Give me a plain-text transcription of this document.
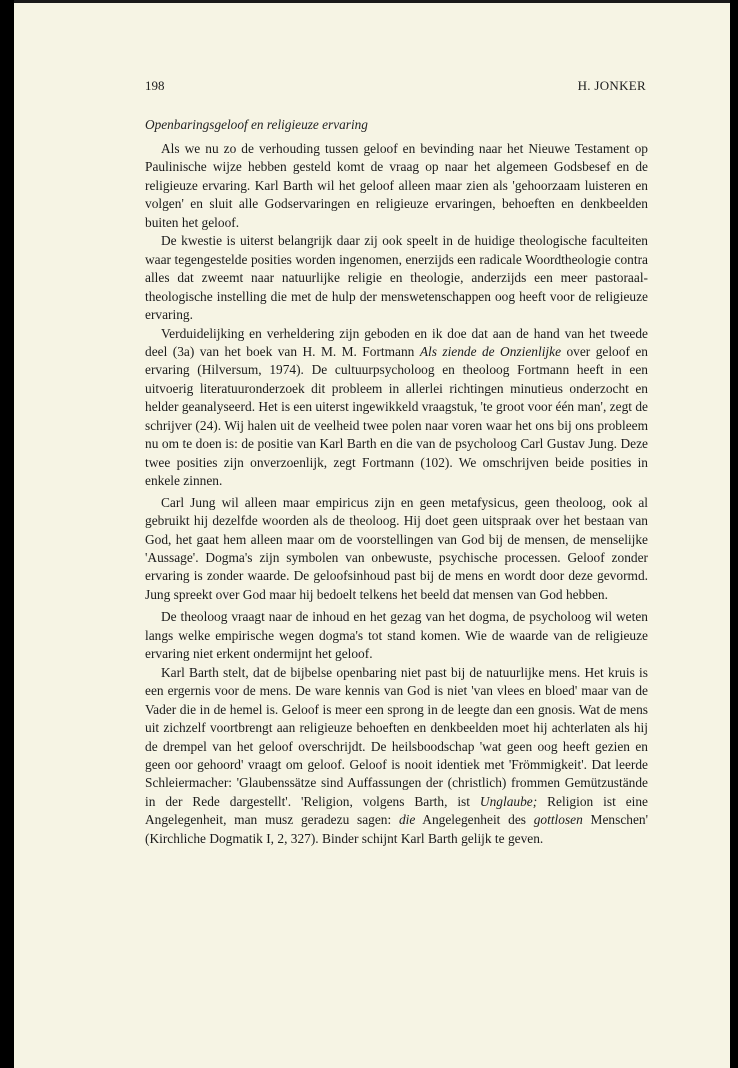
198	H. JONKER
Openbaringsgeloof en religieuze ervaring

Als we nu zo de verhouding tussen geloof en bevinding naar het Nieuwe Testament op Paulinische wijze hebben gesteld komt de vraag op naar het algemeen Godsbesef en de religieuze ervaring. Karl Barth wil het geloof alleen maar zien als 'gehoorzaam luisteren en volgen' en sluit alle Godservaringen en religieuze ervaringen, behoeften en denkbeelden buiten het geloof.

De kwestie is uiterst belangrijk daar zij ook speelt in de huidige theologische faculteiten waar tegengestelde posities worden ingenomen, enerzijds een radicale Woordtheologie contra alles dat zweemt naar natuurlijke religie en theologie, anderzijds een meer pastoraal-theologische instelling die met de hulp der menswetenschappen oog heeft voor de religieuze ervaring.

Verduidelijking en verheldering zijn geboden en ik doe dat aan de hand van het tweede deel (3a) van het boek van H. M. M. Fortmann Als ziende de Onzienlijke over geloof en ervaring (Hilversum, 1974). De cultuurpsycholoog en theoloog Fortmann heeft in een uitvoerig literatuuronderzoek dit probleem in allerlei richtingen minutieus onderzocht en helder geanalyseerd. Het is een uiterst ingewikkeld vraagstuk, 'te groot voor één man', zegt de schrijver (24). Wij halen uit de veelheid twee polen naar voren waar het ons bij ons probleem nu om te doen is: de positie van Karl Barth en die van de psycholoog Carl Gustav Jung. Deze twee posities zijn onverzoenlijk, zegt Fortmann (102). We omschrijven beide posities in enkele zinnen.

Carl Jung wil alleen maar empiricus zijn en geen metafysicus, geen theoloog, ook al gebruikt hij dezelfde woorden als de theoloog. Hij doet geen uitspraak over het bestaan van God, het gaat hem alleen maar om de voorstellingen van God bij de mensen, de menselijke 'Aussage'. Dogma's zijn symbolen van onbewuste, psychische processen. Geloof zonder ervaring is zonder waarde. De geloofsinhoud past bij de mens en wordt door deze gevormd. Jung spreekt over God maar hij bedoelt telkens het beeld dat mensen van God hebben.

De theoloog vraagt naar de inhoud en het gezag van het dogma, de psycholoog wil weten langs welke empirische wegen dogma's tot stand komen. Wie de waarde van de religieuze ervaring niet erkent ondermijnt het geloof.

Karl Barth stelt, dat de bijbelse openbaring niet past bij de natuurlijke mens. Het kruis is een ergernis voor de mens. De ware kennis van God is niet 'van vlees en bloed' maar van de Vader die in de hemel is. Geloof is meer een sprong in de leegte dan een gnosis. Wat de mens uit zichzelf voortbrengt aan religieuze behoeften en denkbeelden moet hij achterlaten als hij de drempel van het geloof overschrijdt. De heilsboodschap 'wat geen oog heeft gezien en geen oor gehoord' vraagt om geloof. Geloof is nooit identiek met 'Frömmigkeit'. Dat leerde Schleiermacher: 'Glaubenssätze sind Auffassungen der (christlich) frommen Gemützustände in der Rede dargestellt'. 'Religion, volgens Barth, ist Unglaube; Religion ist eine Angelegenheit, man musz geradezu sagen: die Angelegenheit des gottlosen Menschen' (Kirchliche Dogmatik I, 2, 327). Binder schijnt Karl Barth gelijk te geven.
